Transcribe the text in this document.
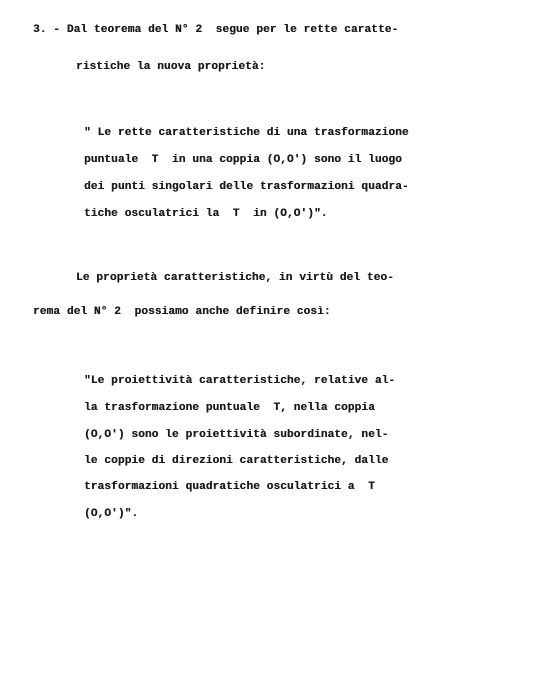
3. - Dal teorema del N° 2  segue per le rette caratte-
ristiche la nuova proprietà:
" Le rette caratteristiche di una trasformazione
puntuale  T  in una coppia (O,O') sono il luogo
dei punti singolari delle trasformazioni quadra-
tiche osculatrici la  T  in (O,O')".
Le proprietà caratteristiche, in virtù del teo-
rema del N° 2  possiamo anche definire così:
"Le proiettività caratteristiche, relative al-
la trasformazione puntuale  T, nella coppia
(O,O') sono le proiettività subordinate, nel-
le coppie di direzioni caratteristiche, dalle
trasformazioni quadratiche osculatrici a  T
(O,O')".
